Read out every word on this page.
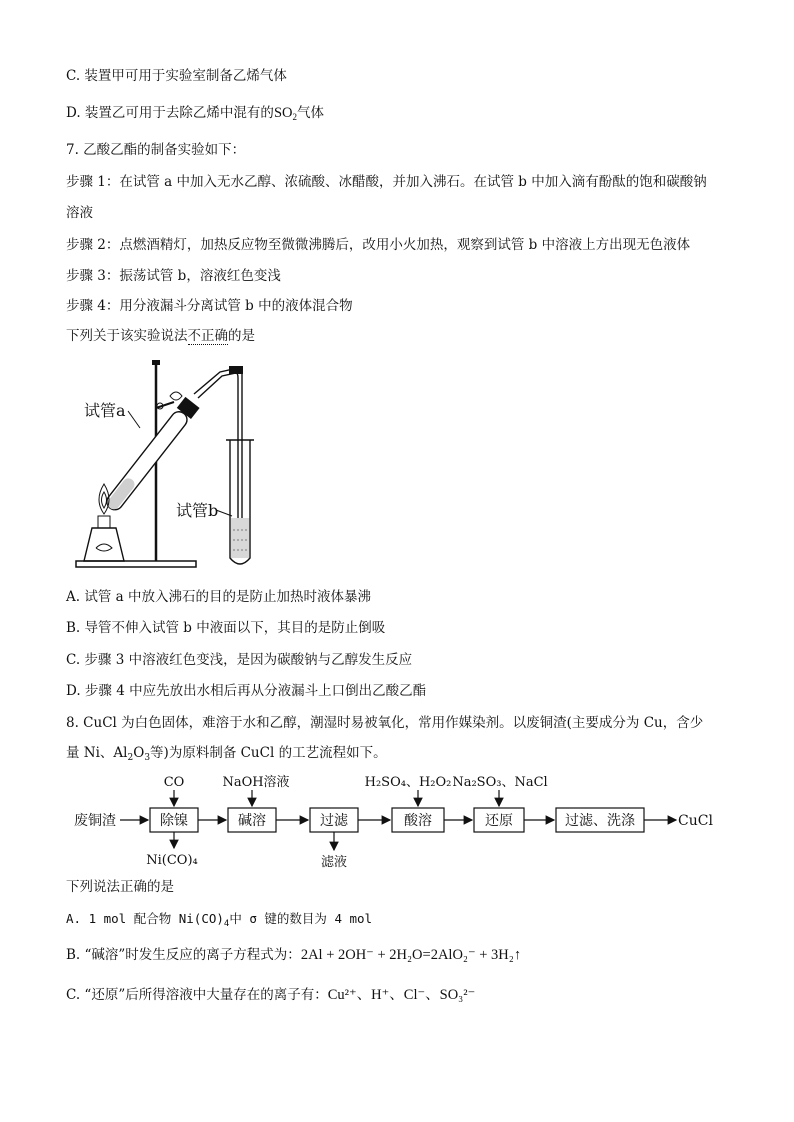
C. 装置甲可用于实验室制备乙烯气体
D. 装置乙可用于去除乙烯中混有的$SO_2$气体
7. 乙酸乙酯的制备实验如下：
步骤 1：在试管 a 中加入无水乙醇、浓硫酸、冰醋酸，并加入沸石。在试管 b 中加入滴有酚酞的饱和碳酸钠
溶液
步骤 2：点燃酒精灯，加热反应物至微微沸腾后，改用小火加热，观察到试管 b 中溶液上方出现无色液体
步骤 3：振荡试管 b，溶液红色变浅
步骤 4：用分液漏斗分离试管 b 中的液体混合物
下列关于该实验说法不正确的是
试管a
试管b
A. 试管 a 中放入沸石的目的是防止加热时液体暴沸
B. 导管不伸入试管 b 中液面以下，其目的是防止倒吸
C. 步骤 3 中溶液红色变浅，是因为碳酸钠与乙醇发生反应
D. 步骤 4 中应先放出水相后再从分液漏斗上口倒出乙酸乙酯
8. CuCl 为白色固体，难溶于水和乙醇，潮湿时易被氧化，常用作媒染剂。以废铜渣(主要成分为 Cu，含少
量 Ni、$Al_2O_3$等)为原料制备 CuCl 的工艺流程如下。
废铜渣	除镍	碱溶	过滤	酸溶	还原	过滤、洗涤	CuCl
CO	NaOH溶液	H₂SO₄、H₂O₂ Na₂SO₃、NaCl
Ni(CO)₄	滤液
下列说法正确的是
A. 1 mol 配合物 $Ni(CO)_4$中 σ 键的数目为 4 mol
B. “碱溶”时发生反应的离子方程式为：2Al + 2OH⁻ + 2H₂O=2AlO₂⁻ + 3H₂↑
C. “还原”后所得溶液中大量存在的离子有：Cu²⁺、H⁺、Cl⁻、SO₃²⁻
